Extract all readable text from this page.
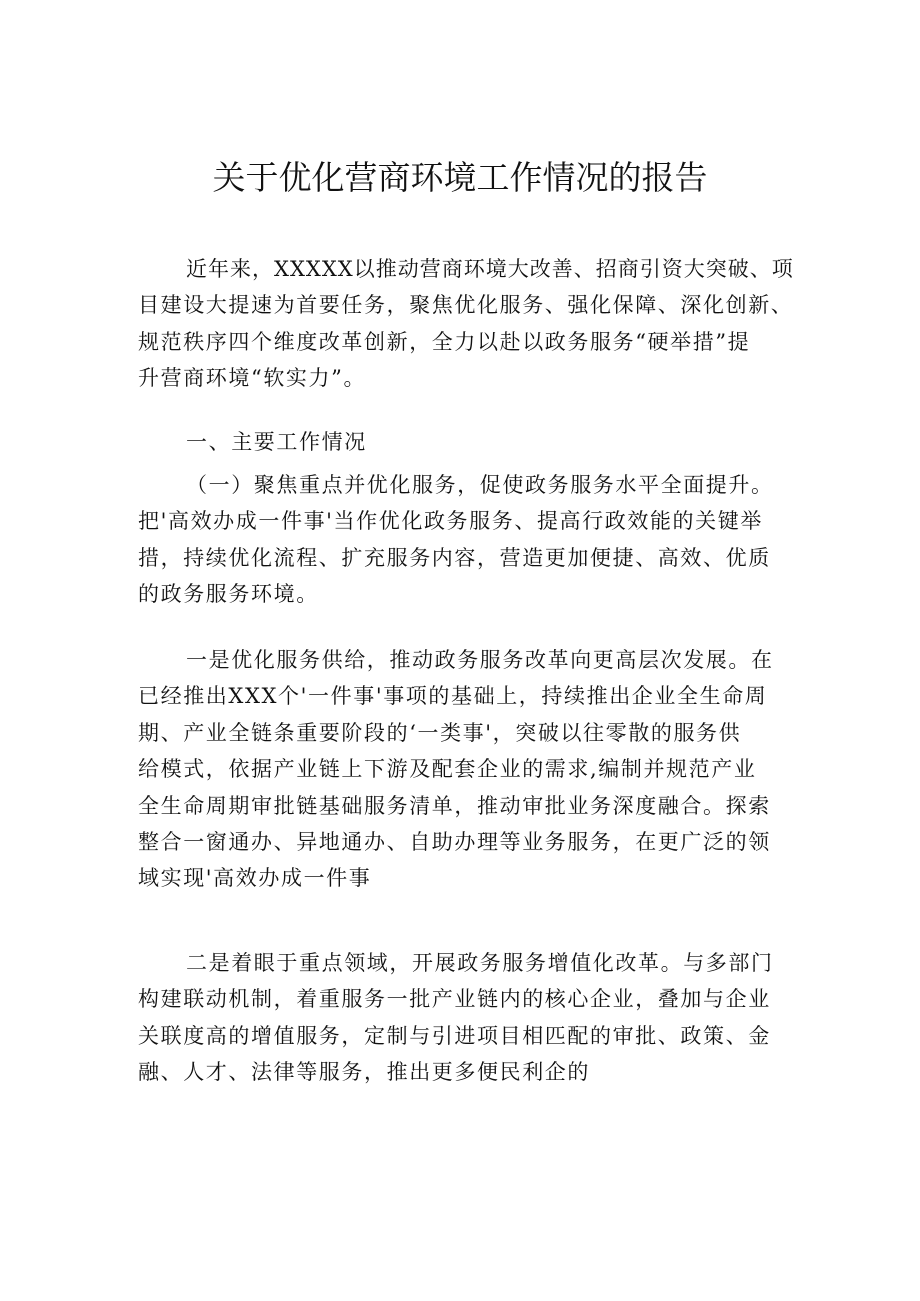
关于优化营商环境工作情况的报告
近年来，XXXXX以推动营商环境大改善、招商引资大突破、项
目建设大提速为首要任务，聚焦优化服务、强化保障、深化创新、
规范秩序四个维度改革创新，全力以赴以政务服务“硬举措”提
升营商环境“软实力”。
一、主要工作情况
（一）聚焦重点并优化服务，促使政务服务水平全面提升。
把'高效办成一件事'当作优化政务服务、提高行政效能的关键举
措，持续优化流程、扩充服务内容，营造更加便捷、高效、优质
的政务服务环境。
一是优化服务供给，推动政务服务改革向更高层次发展。在
已经推出XXX个'一件事'事项的基础上，持续推出企业全生命周
期、产业全链条重要阶段的‘一类事'，突破以往零散的服务供
给模式，依据产业链上下游及配套企业的需求,编制并规范产业
全生命周期审批链基础服务清单，推动审批业务深度融合。探索
整合一窗通办、异地通办、自助办理等业务服务，在更广泛的领
域实现'高效办成一件事
二是着眼于重点领域，开展政务服务增值化改革。与多部门
构建联动机制，着重服务一批产业链内的核心企业，叠加与企业
关联度高的增值服务，定制与引进项目相匹配的审批、政策、金
融、人才、法律等服务，推出更多便民利企的
